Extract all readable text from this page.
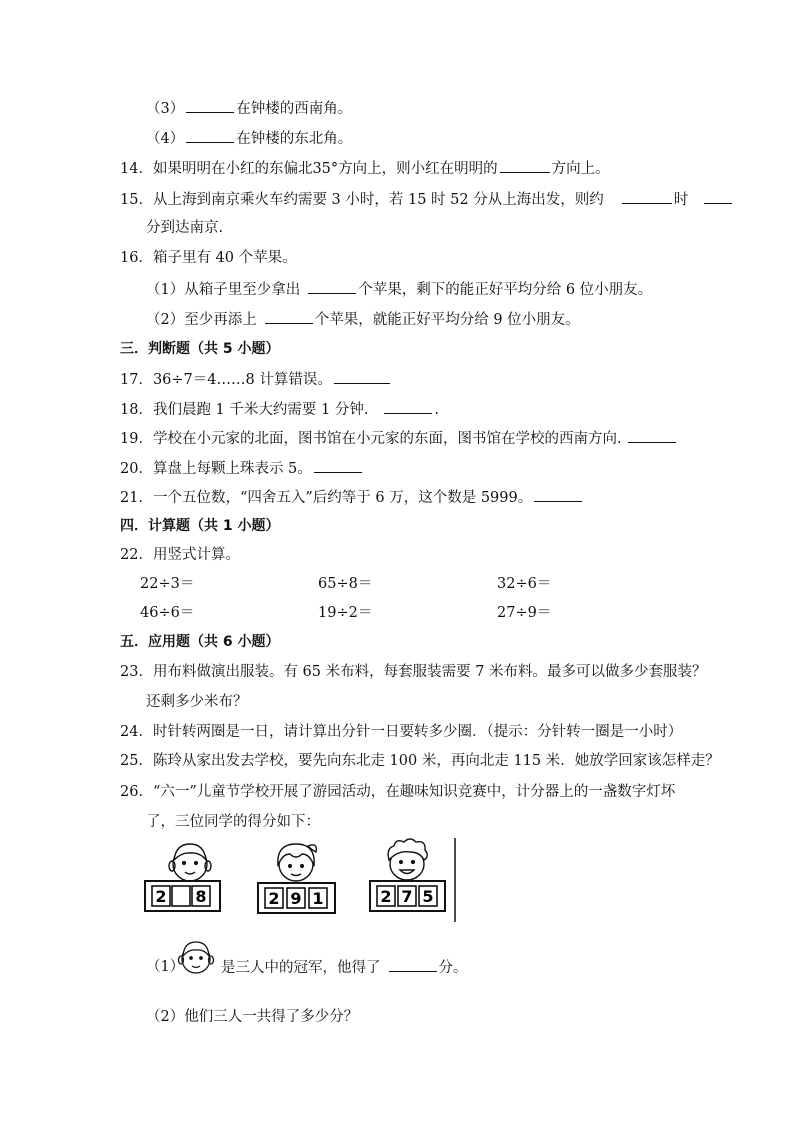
（3）	在钟楼的西南角。
（4）	在钟楼的东北角。
14．如果明明在小红的东偏北35°方向上，则小红在明明的	方向上。
15．从上海到南京乘火车约需要 3 小时，若 15 时 52 分从上海出发，则约	时
分到达南京.
16．箱子里有 40 个苹果。
（1）从箱子里至少拿出	个苹果，剩下的能正好平均分给 6 位小朋友。
（2）至少再添上	个苹果，就能正好平均分给 9 位小朋友。
三．判断题（共 5 小题）
17．36÷7＝4……8 计算错误。
18．我们晨跑 1 千米大约需要 1 分钟．	.
19．学校在小元家的北面，图书馆在小元家的东面，图书馆在学校的西南方向.
20．算盘上每颗上珠表示 5。
21．一个五位数，“四舍五入”后约等于 6 万，这个数是 5999。
四．计算题（共 1 小题）
22．用竖式计算。
22÷3＝	65÷8＝	32÷6＝
46÷6＝	19÷2＝	27÷9＝
五．应用题（共 6 小题）
23．用布料做演出服装。有 65 米布料，每套服装需要 7 米布料。最多可以做多少套服装？
还剩多少米布？
24．时针转两圈是一日，请计算出分针一日要转多少圈．（提示：分针转一圈是一小时）
25．陈玲从家出发去学校，要先向东北走 100 米，再向北走 115 米．她放学回家该怎样走？
26．“六一”儿童节学校开展了游园活动，在趣味知识竞赛中，计分器上的一盏数字灯坏
了，三位同学的得分如下：
2 8	2 9 1	2 7 5
（1）	是三人中的冠军，他得了	分。
（2）他们三人一共得了多少分？
